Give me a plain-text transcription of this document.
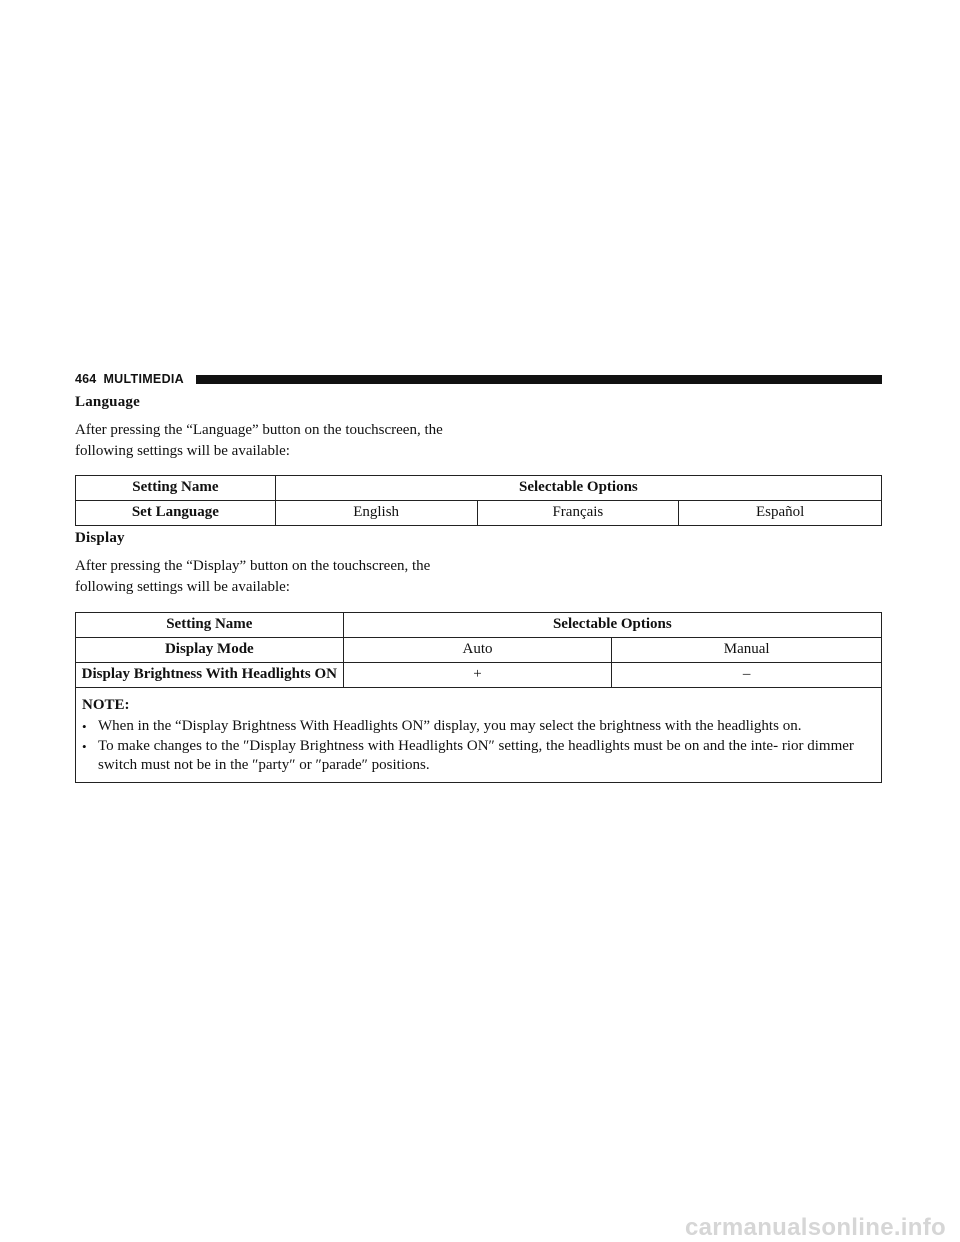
464 MULTIMEDIA
Language

After pressing the “Language” button on the touchscreen, the following settings will be available:

Setting Name	Selectable Options		
Set Language	English	Français	Español
Display

After pressing the “Display” button on the touchscreen, the following settings will be available:

Setting Name	Selectable Options	
Display Mode	Auto	Manual
Display Brightness With Headlights ON	+	–

NOTE:
• When in the “Display Brightness With Headlights ON” display, you may select the brightness with the headlights on.
• To make changes to the ″Display Brightness with Headlights ON″ setting, the headlights must be on and the inte- rior dimmer switch must not be in the ″party″ or ″parade″ positions.		
carmanualsonline.info
